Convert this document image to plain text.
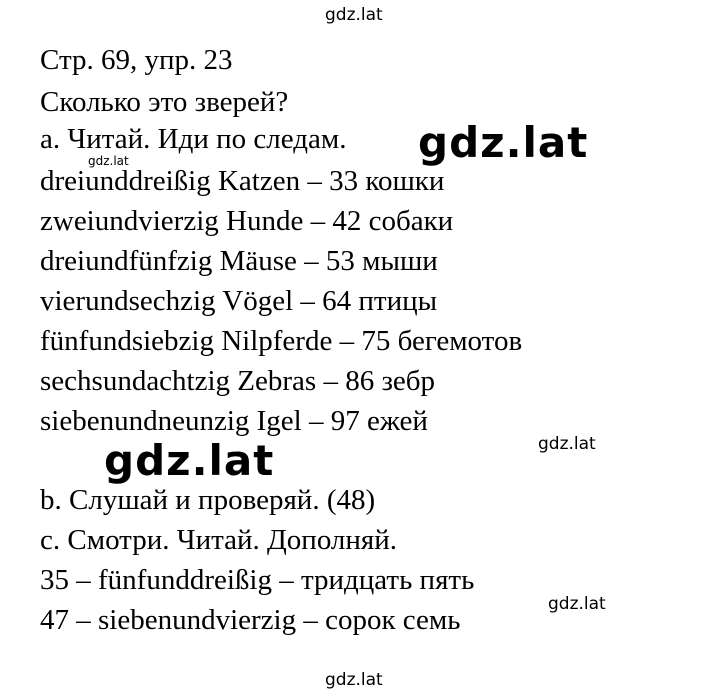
gdz.lat

Стр. 69, упр. 23

Сколько это зверей?

a. Читай. Иди по следам. gdz.lat
gdz.lat

dreiunddreißig Katzen – 33 кошки

zweiundvierzig Hunde – 42 собаки

dreiundfünfzig Mäuse – 53 мыши

vierundsechzig Vögel – 64 птицы

fünfundsiebzig Nilpferde – 75 бегемотов

sechsundachtzig Zebras – 86 зебр

siebenundneunzig Igel – 97 ежей

gdz.lat
gdz.lat

b. Слушай и проверяй. (48)

c. Смотри. Читай. Дополняй.

35 – fünfunddreißig – тридцать пять

gdz.lat

47 – siebenundvierzig – сорок семь

gdz.lat
